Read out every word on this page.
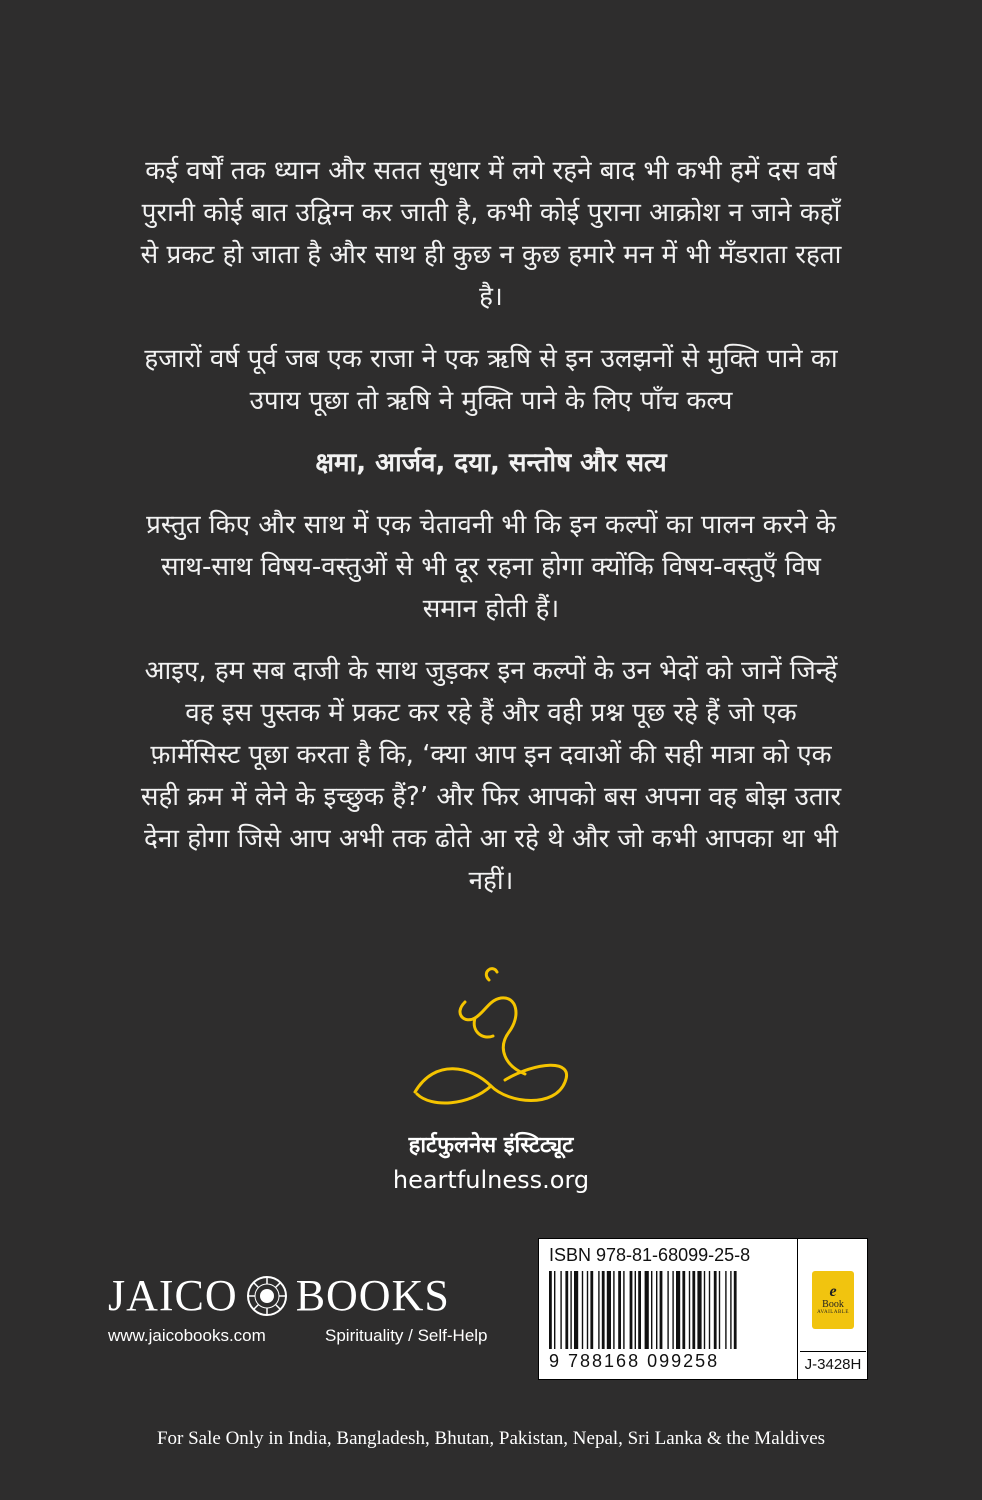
कई वर्षों तक ध्यान और सतत सुधार में लगे रहने बाद भी कभी हमें दस वर्ष पुरानी कोई बात उद्विग्न कर जाती है, कभी कोई पुराना आक्रोश न जाने कहाँ से प्रकट हो जाता है और साथ ही कुछ न कुछ हमारे मन में भी मँडराता रहता है।

हजारों वर्ष पूर्व जब एक राजा ने एक ऋषि से इन उलझनों से मुक्ति पाने का उपाय पूछा तो ऋषि ने मुक्ति पाने के लिए पाँच कल्प

क्षमा, आर्जव, दया, सन्तोष और सत्य

प्रस्तुत किए और साथ में एक चेतावनी भी कि इन कल्पों का पालन करने के साथ-साथ विषय-वस्तुओं से भी दूर रहना होगा क्योंकि विषय-वस्तुएँ विष समान होती हैं।

आइए, हम सब दाजी के साथ जुड़कर इन कल्पों के उन भेदों को जानें जिन्हें वह इस पुस्तक में प्रकट कर रहे हैं और वही प्रश्न पूछ रहे हैं जो एक फ़ार्मेसिस्ट पूछा करता है कि, ‘क्या आप इन दवाओं की सही मात्रा को एक सही क्रम में लेने के इच्छुक हैं?’ और फिर आपको बस अपना वह बोझ उतार देना होगा जिसे आप अभी तक ढोते आ रहे थे और जो कभी आपका था भी नहीं।

हार्टफुलनेस इंस्टिट्यूट
heartfulness.org
JAICO BOOKS
www.jaicobooks.com	Spirituality / Self-Help
ISBN 978-81-68099-25-8
9 788168 099258
e
Book
AVAILABLE
J-3428H
For Sale Only in India, Bangladesh, Bhutan, Pakistan, Nepal, Sri Lanka & the Maldives
